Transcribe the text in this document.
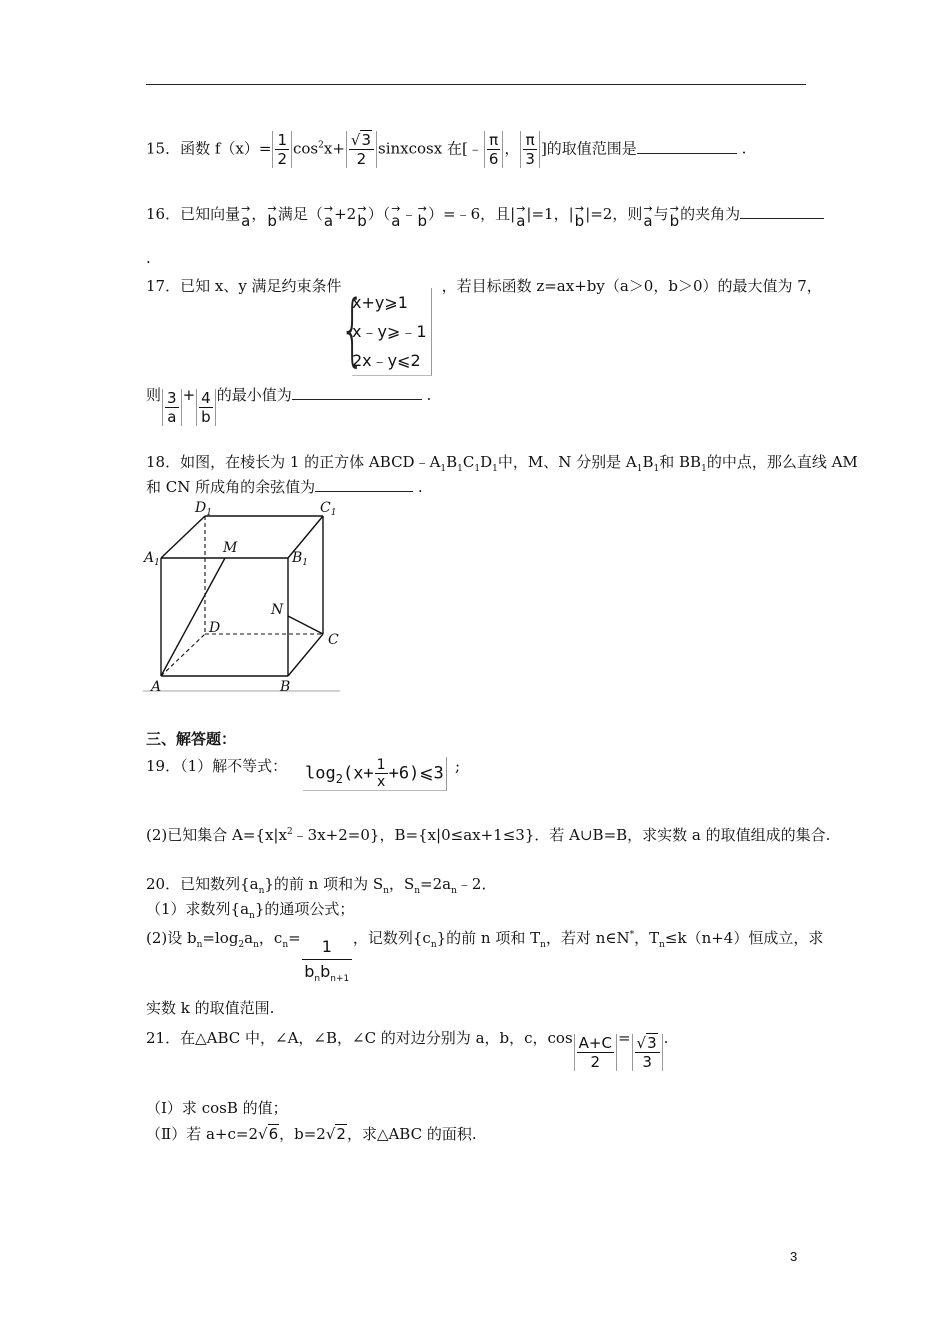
15．函数 $f(x)= \frac{1}{2} \cos^2x+ \frac{√3}{2}$ sinxcosx 在[﹣ $\frac{\pi}{6}$ ， $\frac{\pi}{3}$ ]的取值范围是	.
16．已知向量 →
a ， →
b 满足（ →
a +2 →
b ）（ →
a ﹣ →
b ）=﹣6，且| →
a |=1，| →
b |=2，则 →
a 与 →
b 的夹角为
.
17．已知 x、y 满足约束条件	，若目标函数 z=ax+by（a＞0，b＞0）的最大值为 7，
{
x+y⩾1
x﹣y⩾﹣1
2x﹣y⩽2
则 $\frac{3}{a} + \frac{4}{b}$ 的最小值为	.
18．如图，在棱长为 1 的正方体 $ABCD﹣A_1B_1C_1D_1$中，M、N 分别是 $A_1B_1$和 $BB_1$的中点，那么直线 AM
和 CN 所成角的余弦值为	.
$D_1$	$C_1$
$A_1$	$B_1$
M
N
D
C
A	B
三、解答题：
19．（1）解不等式： $\log_2(x+ \frac{1}{x}$ +6)⩽3 ;
(2)已知集合 $A=\{x|x^2﹣3x+2=0\}$，B={x|0≤ax+1≤3}．若 A∪B=B，求实数 a 的取值组成的集合.
20．已知数列$\{a_n\}$的前 n 项和为 $S_n$，$S_n=2a_n﹣2$．
（1）求数列$\{a_n\}$的通项公式；
(2)设 $b_n=\log_2a_n$，$c_n= \frac{1}{b_nb_{n+1}}$ ，记数列$\{c_n\}$的前 n 项和 $T_n$，若对 n∈N*，$T_n\le k(n+4)$恒成立，求
实数 k 的取值范围.
21．在△ABC 中，∠A，∠B，∠C 的对边分别为 a，b，c，$\cos \frac{A+C}{2} = \frac{√3}{3}$ .
（Ⅰ）求 cosB 的值；
（Ⅱ）若 a+c=2√6，b=2√2，求△ABC 的面积.
3
